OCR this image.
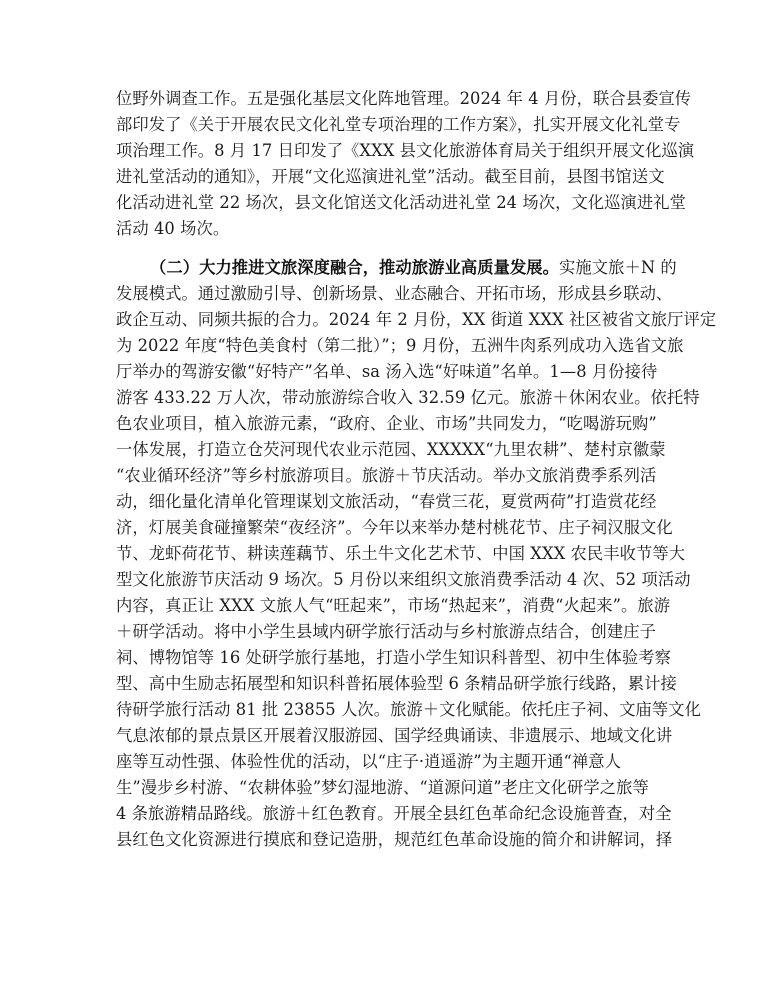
位野外调查工作。五是强化基层文化阵地管理。2024 年 4 月份，联合县委宣传
部印发了《关于开展农民文化礼堂专项治理的工作方案》，扎实开展文化礼堂专
项治理工作。8 月 17 日印发了《XXX 县文化旅游体育局关于组织开展文化巡演
进礼堂活动的通知》，开展“文化巡演进礼堂”活动。截至目前，县图书馆送文
化活动进礼堂 22 场次，县文化馆送文化活动进礼堂 24 场次，文化巡演进礼堂
活动 40 场次。
（二）大力推进文旅深度融合，推动旅游业高质量发展。实施文旅＋N 的
发展模式。通过激励引导、创新场景、业态融合、开拓市场，形成县乡联动、
政企互动、同频共振的合力。2024 年 2 月份，XX 街道 XXX 社区被省文旅厅评定
为 2022 年度“特色美食村（第二批）”；9 月份，五洲牛肉系列成功入选省文旅
厅举办的驾游安徽“好特产”名单、sa 汤入选“好味道”名单。1—8 月份接待
游客 433.22 万人次，带动旅游综合收入 32.59 亿元。旅游＋休闲农业。依托特
色农业项目，植入旅游元素，“政府、企业、市场”共同发力，“吃喝游玩购”
一体发展，打造立仓芡河现代农业示范园、XXXXX“九里农耕”、楚村京徽蒙
“农业循环经济”等乡村旅游项目。旅游＋节庆活动。举办文旅消费季系列活
动，细化量化清单化管理谋划文旅活动，“春赏三花，夏赏两荷”打造赏花经
济，灯展美食碰撞繁荣“夜经济”。今年以来举办楚村桃花节、庄子祠汉服文化
节、龙虾荷花节、耕读莲藕节、乐土牛文化艺术节、中国 XXX 农民丰收节等大
型文化旅游节庆活动 9 场次。5 月份以来组织文旅消费季活动 4 次、52 项活动
内容，真正让 XXX 文旅人气“旺起来”，市场“热起来”，消费“火起来”。旅游
＋研学活动。将中小学生县域内研学旅行活动与乡村旅游点结合，创建庄子
祠、博物馆等 16 处研学旅行基地，打造小学生知识科普型、初中生体验考察
型、高中生励志拓展型和知识科普拓展体验型 6 条精品研学旅行线路，累计接
待研学旅行活动 81 批 23855 人次。旅游＋文化赋能。依托庄子祠、文庙等文化
气息浓郁的景点景区开展着汉服游园、国学经典诵读、非遗展示、地域文化讲
座等互动性强、体验性优的活动，以“庄子·逍遥游”为主题开通“禅意人
生”漫步乡村游、“农耕体验”梦幻湿地游、“道源问道”老庄文化研学之旅等
4 条旅游精品路线。旅游＋红色教育。开展全县红色革命纪念设施普查，对全
县红色文化资源进行摸底和登记造册，规范红色革命设施的简介和讲解词，择
